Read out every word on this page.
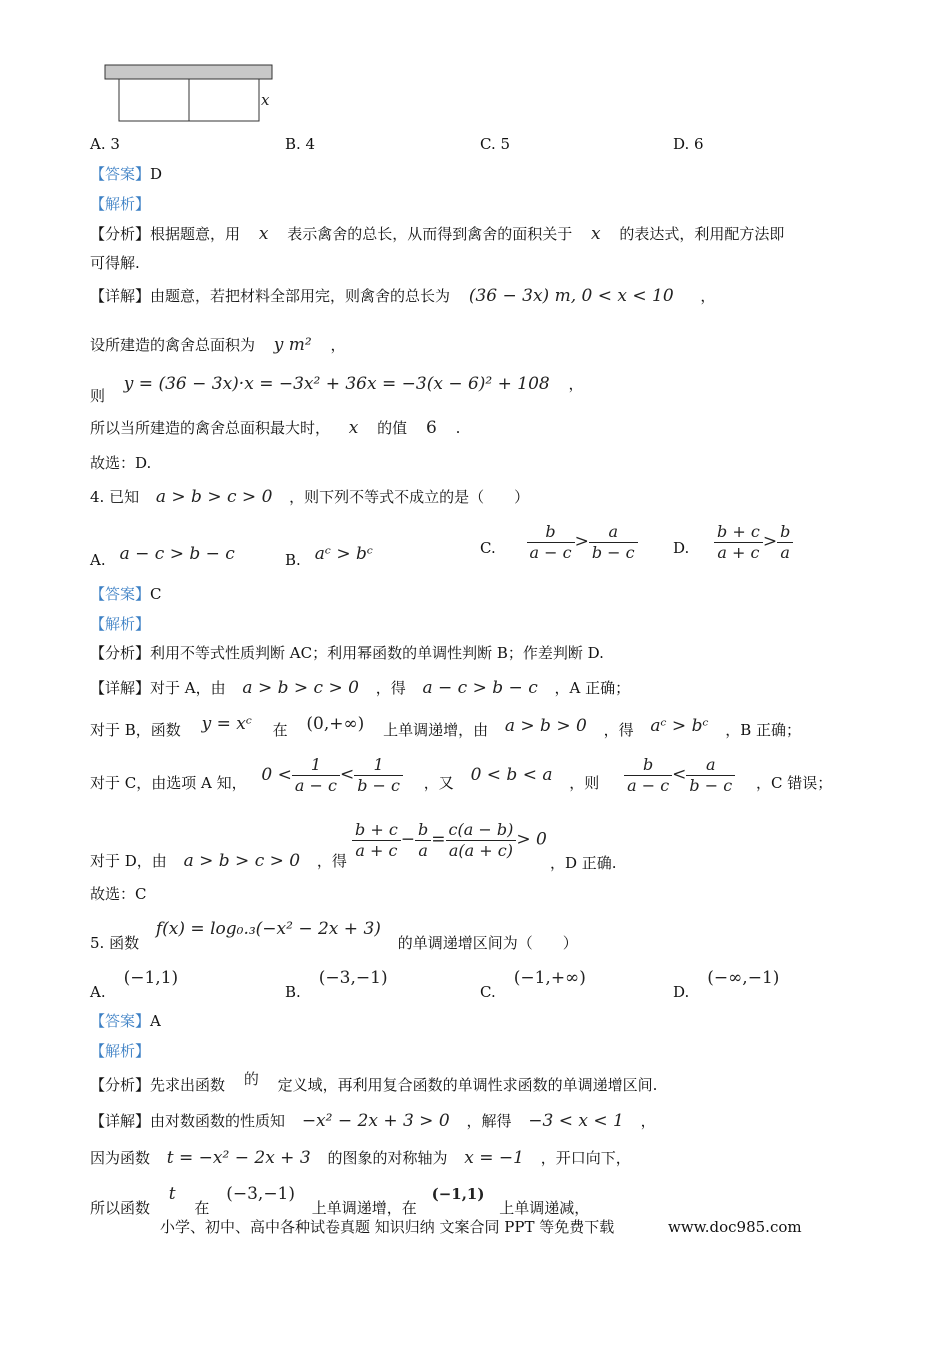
x
A. 3	B. 4	C. 5	D. 6
【答案】D
【解析】
【分析】根据题意，用 x 表示禽舍的总长，从而得到禽舍的面积关于 x 的表达式，利用配方法即
可得解.
【详解】由题意，若把材料全部用完，则禽舍的总长为 (36 − 3x) m, 0 < x < 10 ，
设所建造的禽舍总面积为 y m² ，
则 y = (36 − 3x)·x = −3x² + 36x = −3(x − 6)² + 108 ，
所以当所建造的禽舍总面积最大时， x 的值 6 .
故选：D.
4. 已知 a > b > c > 0 ，则下列不等式不成立的是（　　）
A. a − c > b − c	B. aᶜ > bᶜ	C. $\frac{b}{a - c} > \frac{a}{b - c} D$. $\frac{b + c}{a + c} > \frac{b}{a}$
【答案】C
【解析】
【分析】利用不等式性质判断 AC；利用幂函数的单调性判断 B；作差判断 D.
【详解】对于 A，由 a > b > c > 0 ，得 a − c > b − c ，A 正确；
对于 B，函数 y = xᶜ 在 (0,+∞) 上单调递增，由 a > b > 0 ，得 aᶜ > bᶜ ，B 正确；
对于 C，由选项 A 知， $0 < \frac{1}{a - c} < \frac{1}{b - c}$ ，又 0 < b < a ，则 $\frac{b}{a - c} < \frac{a}{b - c}$ ，C 错误；
$\frac{b + c}{a + c} - \frac{b}{a} = \frac{c(a - b)}{a(a + c)} > 0$
对于 D，由 a > b > c > 0 ，得	，D 正确.
故选：C
5. 函数 f(x) = log₀.₃(−x² − 2x + 3) 的单调递增区间为（　　）
A.(−1,1)
B.(−3,−1)
C.(−1,+∞)
D.(−∞,−1)
【答案】A
【解析】
【分析】先求出函数 的 定义域，再利用复合函数的单调性求函数的单调递增区间.
【详解】由对数函数的性质知 −x² − 2x + 3 > 0 ，解得 −3 < x < 1 ，
因为函数 t = −x² − 2x + 3 的图象的对称轴为 x = −1 ，开口向下，
所以函数 t 在 (−3,−1) 上单调递增，在 (−1,1) 上单调递减，
小学、初中、高中各种试卷真题 知识归纳 文案合同 PPT 等免费下载	www.doc985.com
